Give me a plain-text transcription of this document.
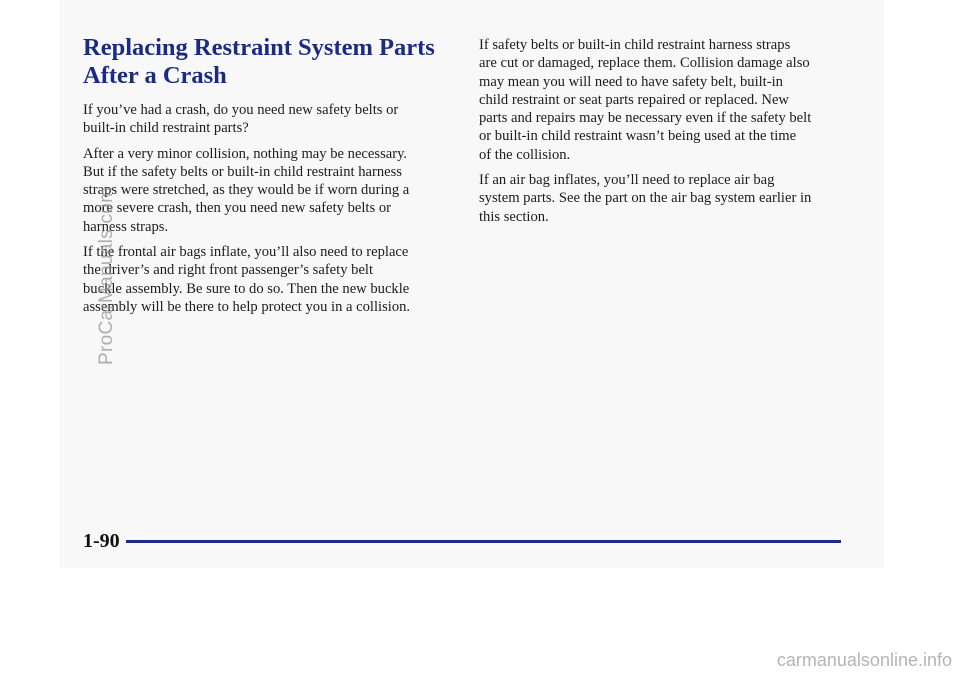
Replacing Restraint System Parts
After a Crash

If you’ve had a crash, do you need new safety belts or
built-in child restraint parts?

After a very minor collision, nothing may be necessary.
But if the safety belts or built-in child restraint harness
straps were stretched, as they would be if worn during a
more severe crash, then you need new safety belts or
harness straps.

If the frontal air bags inflate, you’ll also need to replace
the driver’s and right front passenger’s safety belt
buckle assembly. Be sure to do so. Then the new buckle
assembly will be there to help protect you in a collision.

If safety belts or built-in child restraint harness straps
are cut or damaged, replace them. Collision damage also
may mean you will need to have safety belt, built-in
child restraint or seat parts repaired or replaced. New
parts and repairs may be necessary even if the safety belt
or built-in child restraint wasn’t being used at the time
of the collision.

If an air bag inflates, you’ll need to replace air bag
system parts. See the part on the air bag system earlier in
this section.

1-90
ProCarManuals.com
carmanualsonline.info
